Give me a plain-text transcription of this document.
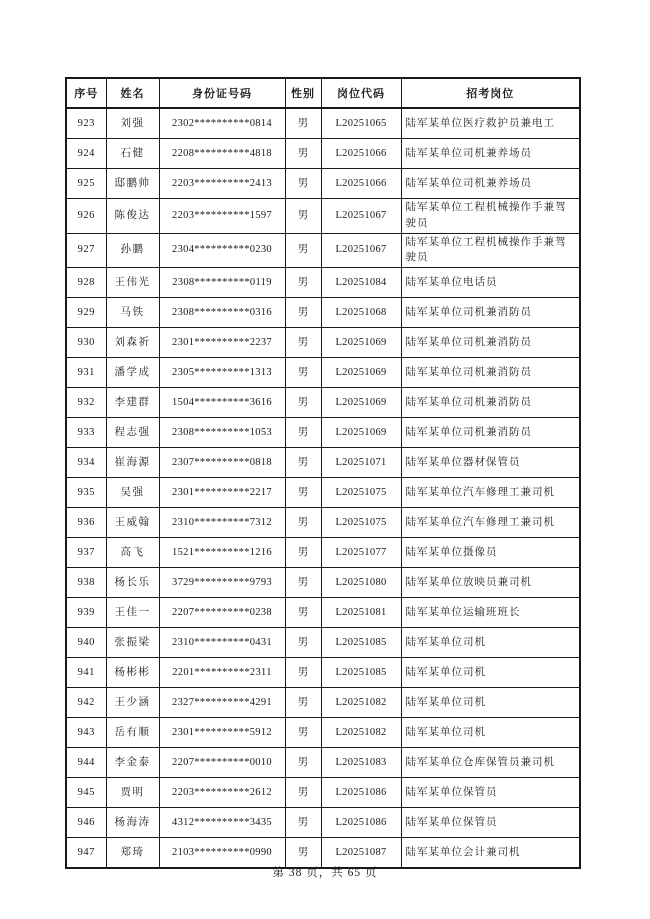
序号	姓名	身份证号码	性别	岗位代码	招考岗位
923	刘强	2302**********0814	男	L20251065	陆军某单位医疗救护员兼电工
924	石健	2208**********4818	男	L20251066	陆军某单位司机兼养场员
925	邸鹏帅	2203**********2413	男	L20251066	陆军某单位司机兼养场员
926	陈俊达	2203**********1597	男	L20251067	陆军某单位工程机械操作手兼驾驶员
927	孙鹏	2304**********0230	男	L20251067	陆军某单位工程机械操作手兼驾驶员
928	王伟光	2308**********0119	男	L20251084	陆军某单位电话员
929	马铁	2308**********0316	男	L20251068	陆军某单位司机兼消防员
930	刘森祈	2301**********2237	男	L20251069	陆军某单位司机兼消防员
931	潘学成	2305**********1313	男	L20251069	陆军某单位司机兼消防员
932	李建群	1504**********3616	男	L20251069	陆军某单位司机兼消防员
933	程志强	2308**********1053	男	L20251069	陆军某单位司机兼消防员
934	崔海源	2307**********0818	男	L20251071	陆军某单位器材保管员
935	吴强	2301**********2217	男	L20251075	陆军某单位汽车修理工兼司机
936	王威翰	2310**********7312	男	L20251075	陆军某单位汽车修理工兼司机
937	高飞	1521**********1216	男	L20251077	陆军某单位摄像员
938	杨长乐	3729**********9793	男	L20251080	陆军某单位放映员兼司机
939	王佳一	2207**********0238	男	L20251081	陆军某单位运输班班长
940	张振梁	2310**********0431	男	L20251085	陆军某单位司机
941	杨彬彬	2201**********2311	男	L20251085	陆军某单位司机
942	王少涵	2327**********4291	男	L20251082	陆军某单位司机
943	岳有顺	2301**********5912	男	L20251082	陆军某单位司机
944	李金泰	2207**********0010	男	L20251083	陆军某单位仓库保管员兼司机
945	贾明	2203**********2612	男	L20251086	陆军某单位保管员
946	杨海涛	4312**********3435	男	L20251086	陆军某单位保管员
947	郑琦	2103**********0990	男	L20251087	陆军某单位会计兼司机
第 38 页，共 65 页
